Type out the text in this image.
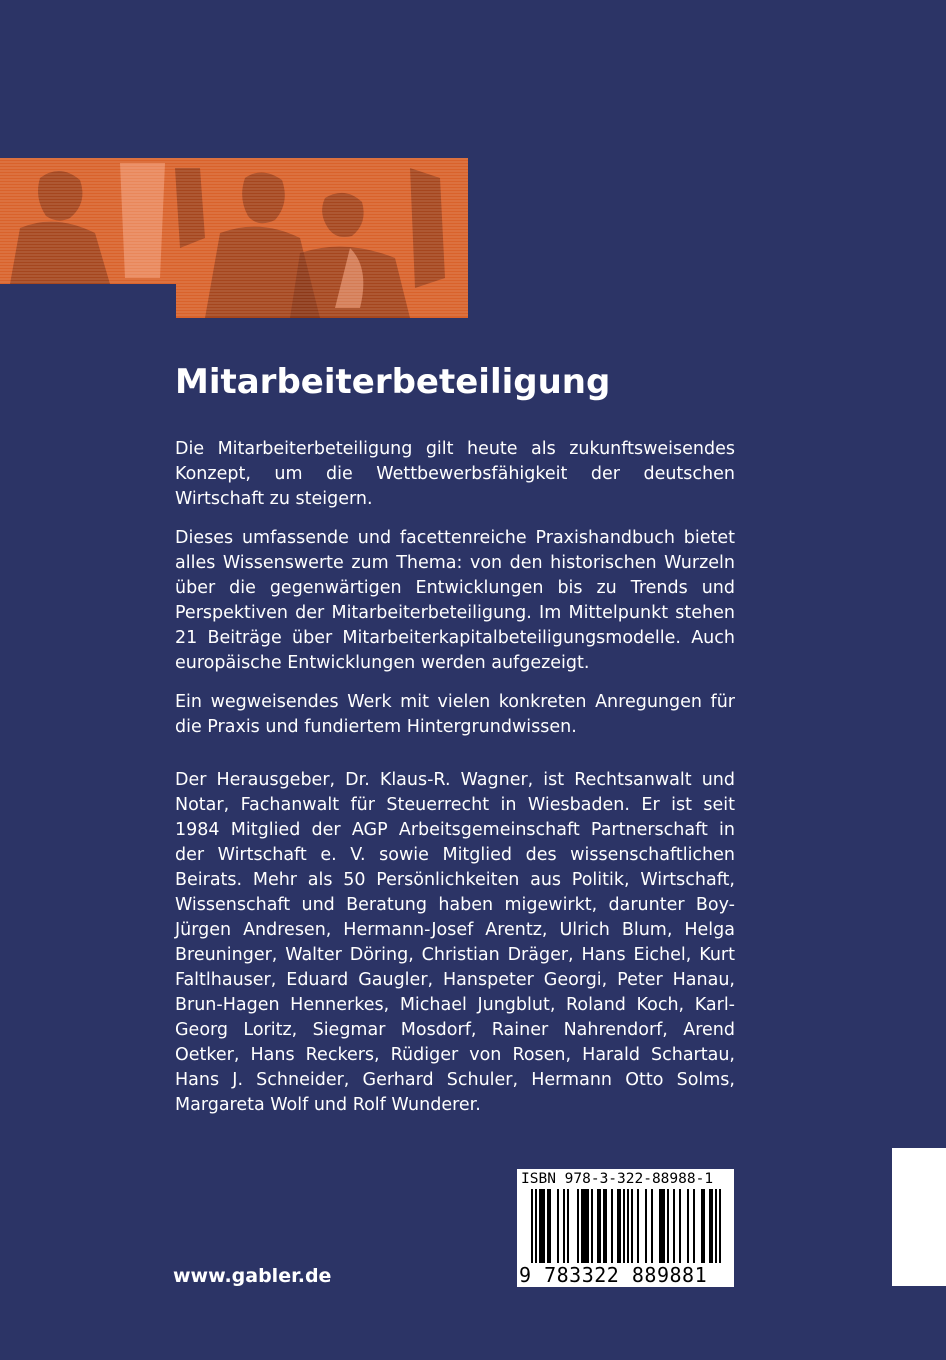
Mitarbeiterbeteiligung

Die Mitarbeiterbeteiligung gilt heute als zukunftsweisendes Konzept, um die Wettbewerbsfähigkeit der deutschen Wirtschaft zu steigern.

Dieses umfassende und facettenreiche Praxishandbuch bietet alles Wissenswerte zum Thema: von den historischen Wurzeln über die gegenwärtigen Entwicklungen bis zu Trends und Perspektiven der Mitarbeiterbeteiligung. Im Mittelpunkt stehen 21 Beiträge über Mitarbeiterkapitalbeteiligungsmodelle. Auch europäische Entwicklungen werden aufgezeigt.

Ein wegweisendes Werk mit vielen konkreten Anregungen für die Praxis und fundiertem Hintergrundwissen.

Der Herausgeber, Dr. Klaus-R. Wagner, ist Rechtsanwalt und Notar, Fachanwalt für Steuerrecht in Wiesbaden. Er ist seit 1984 Mitglied der AGP Arbeitsgemeinschaft Partnerschaft in der Wirtschaft e. V. sowie Mitglied des wissenschaftlichen Beirats. Mehr als 50 Persönlichkeiten aus Politik, Wirtschaft, Wissenschaft und Beratung haben migewirkt, darunter Boy-Jürgen Andresen, Hermann-Josef Arentz, Ulrich Blum, Helga Breuninger, Walter Döring, Christian Dräger, Hans Eichel, Kurt Faltlhauser, Eduard Gaugler, Hanspeter Georgi, Peter Hanau, Brun-Hagen Hennerkes, Michael Jungblut, Roland Koch, Karl-Georg Loritz, Siegmar Mosdorf, Rainer Nahrendorf, Arend Oetker, Hans Reckers, Rüdiger von Rosen, Harald Schartau, Hans J. Schneider, Gerhard Schuler, Hermann Otto Solms, Margareta Wolf und Rolf Wunderer.

ISBN 978-3-322-88988-1
9 783322 889881
www.gabler.de
